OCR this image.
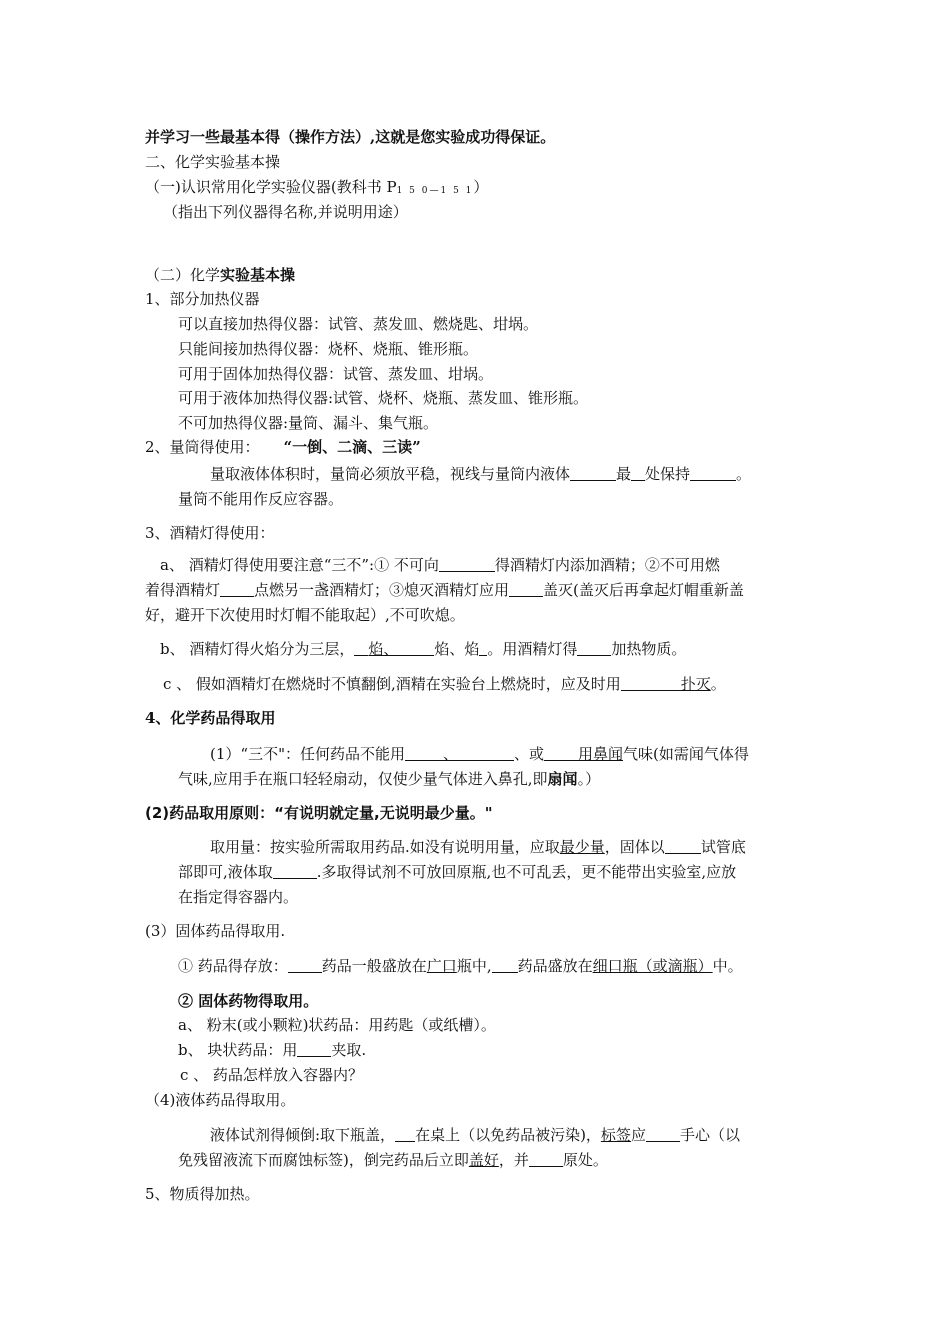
并学习一些最基本得（操作方法）,这就是您实验成功得保证。
二、化学实验基本操
（一)认识常用化学实验仪器(教科书 P1 5 0—1 5 1）
（指出下列仪器得名称,并说明用途）
（二）化学实验基本操
1、部分加热仪器
可以直接加热得仪器：试管、蒸发皿、燃烧匙、坩埚。
只能间接加热得仪器：烧杯、烧瓶、锥形瓶。
可用于固体加热得仪器：试管、蒸发皿、坩埚。
可用于液体加热得仪器:试管、烧杯、烧瓶、蒸发皿、锥形瓶。
不可加热得仪器:量筒、漏斗、集气瓶。
2、量筒得使用： “一倒、二滴、三读”
量取液体体积时，量筒必须放平稳，视线与量筒内液体	最 处保持	。
量筒不能用作反应容器。
3、酒精灯得使用：
a、 酒精灯得使用要注意“三不”:① 不可向	得酒精灯内添加酒精；②不可用燃
着得酒精灯 点燃另一盏酒精灯；③熄灭酒精灯应用 盖灭(盖灭后再拿起灯帽重新盖
好，避开下次使用时灯帽不能取起）,不可吹熄。
b、 酒精灯得火焰分为三层， 焰、 焰、焰 。用酒精灯得 加热物质。
c 、 假如酒精灯在燃烧时不慎翻倒,酒精在实验台上燃烧时，应及时用	扑灭。
4、化学药品得取用
(1）“三不"：任何药品不能用	、	、或 用鼻闻气味(如需闻气体得
气味,应用手在瓶口轻轻扇动，仅使少量气体进入鼻孔,即扇闻。）
(2)药品取用原则：“有说明就定量,无说明最少量。"
取用量：按实验所需取用药品.如没有说明用量，应取最少量，固体以 试管底
部即可,液体取	.多取得试剂不可放回原瓶,也不可乱丢，更不能带出实验室,应放
在指定得容器内。
(3）固体药品得取用.
① 药品得存放： 药品一般盛放在广口瓶中, 药品盛放在细口瓶（或滴瓶）中。
② 固体药物得取用。
a、 粉末(或小颗粒)状药品：用药匙（或纸槽）。
b、 块状药品：用 夹取.
c 、 药品怎样放入容器内？
（4)液体药品得取用。
液体试剂得倾倒:取下瓶盖， 在桌上（以免药品被污染)，标签应 手心（以
免残留液流下而腐蚀标签)，倒完药品后立即盖好，并 原处。
5、物质得加热。
